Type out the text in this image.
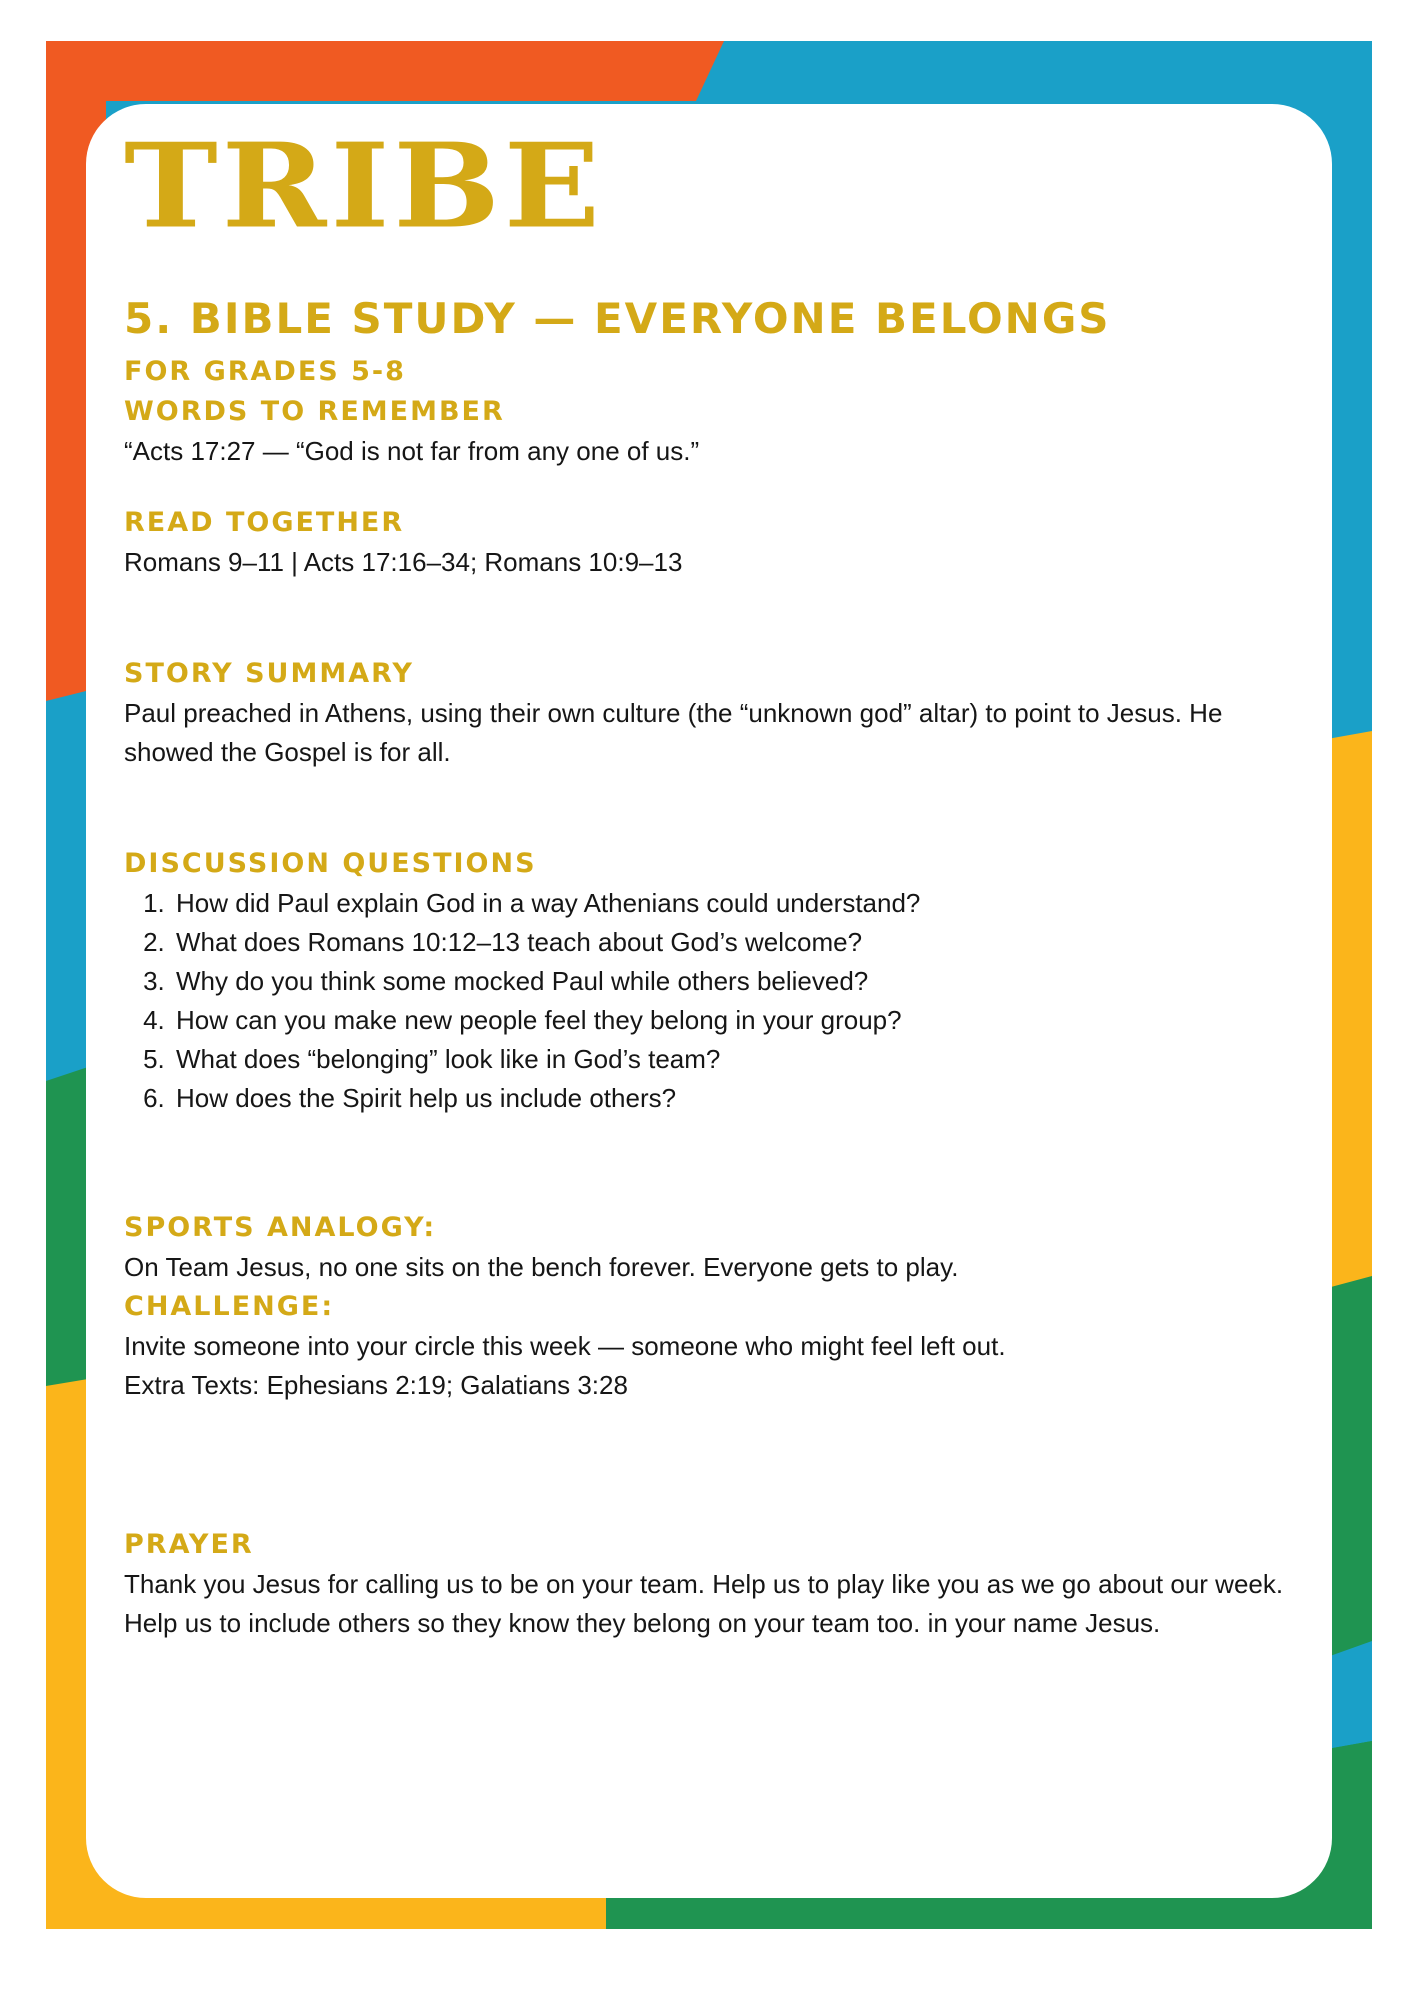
TRIBE
5. BIBLE STUDY — EVERYONE BELONGS
FOR GRADES 5-8
WORDS TO REMEMBER

“Acts 17:27 — “God is not far from any one of us.”

READ TOGETHER

Romans 9–11 | Acts 17:16–34; Romans 10:9–13

STORY SUMMARY

Paul preached in Athens, using their own culture (the “unknown god” altar) to point to Jesus. He showed the Gospel is for all.

DISCUSSION QUESTIONS
1. How did Paul explain God in a way Athenians could understand?
2. What does Romans 10:12–13 teach about God’s welcome?
3. Why do you think some mocked Paul while others believed?
4. How can you make new people feel they belong in your group?
5. What does “belonging” look like in God’s team?
6. How does the Spirit help us include others?
SPORTS ANALOGY:

On Team Jesus, no one sits on the bench forever. Everyone gets to play.

CHALLENGE:

Invite someone into your circle this week — someone who might feel left out.

Extra Texts: Ephesians 2:19; Galatians 3:28

PRAYER

Thank you Jesus for calling us to be on your team. Help us to play like you as we go about our week. Help us to include others so they know they belong on your team too. in your name Jesus.
